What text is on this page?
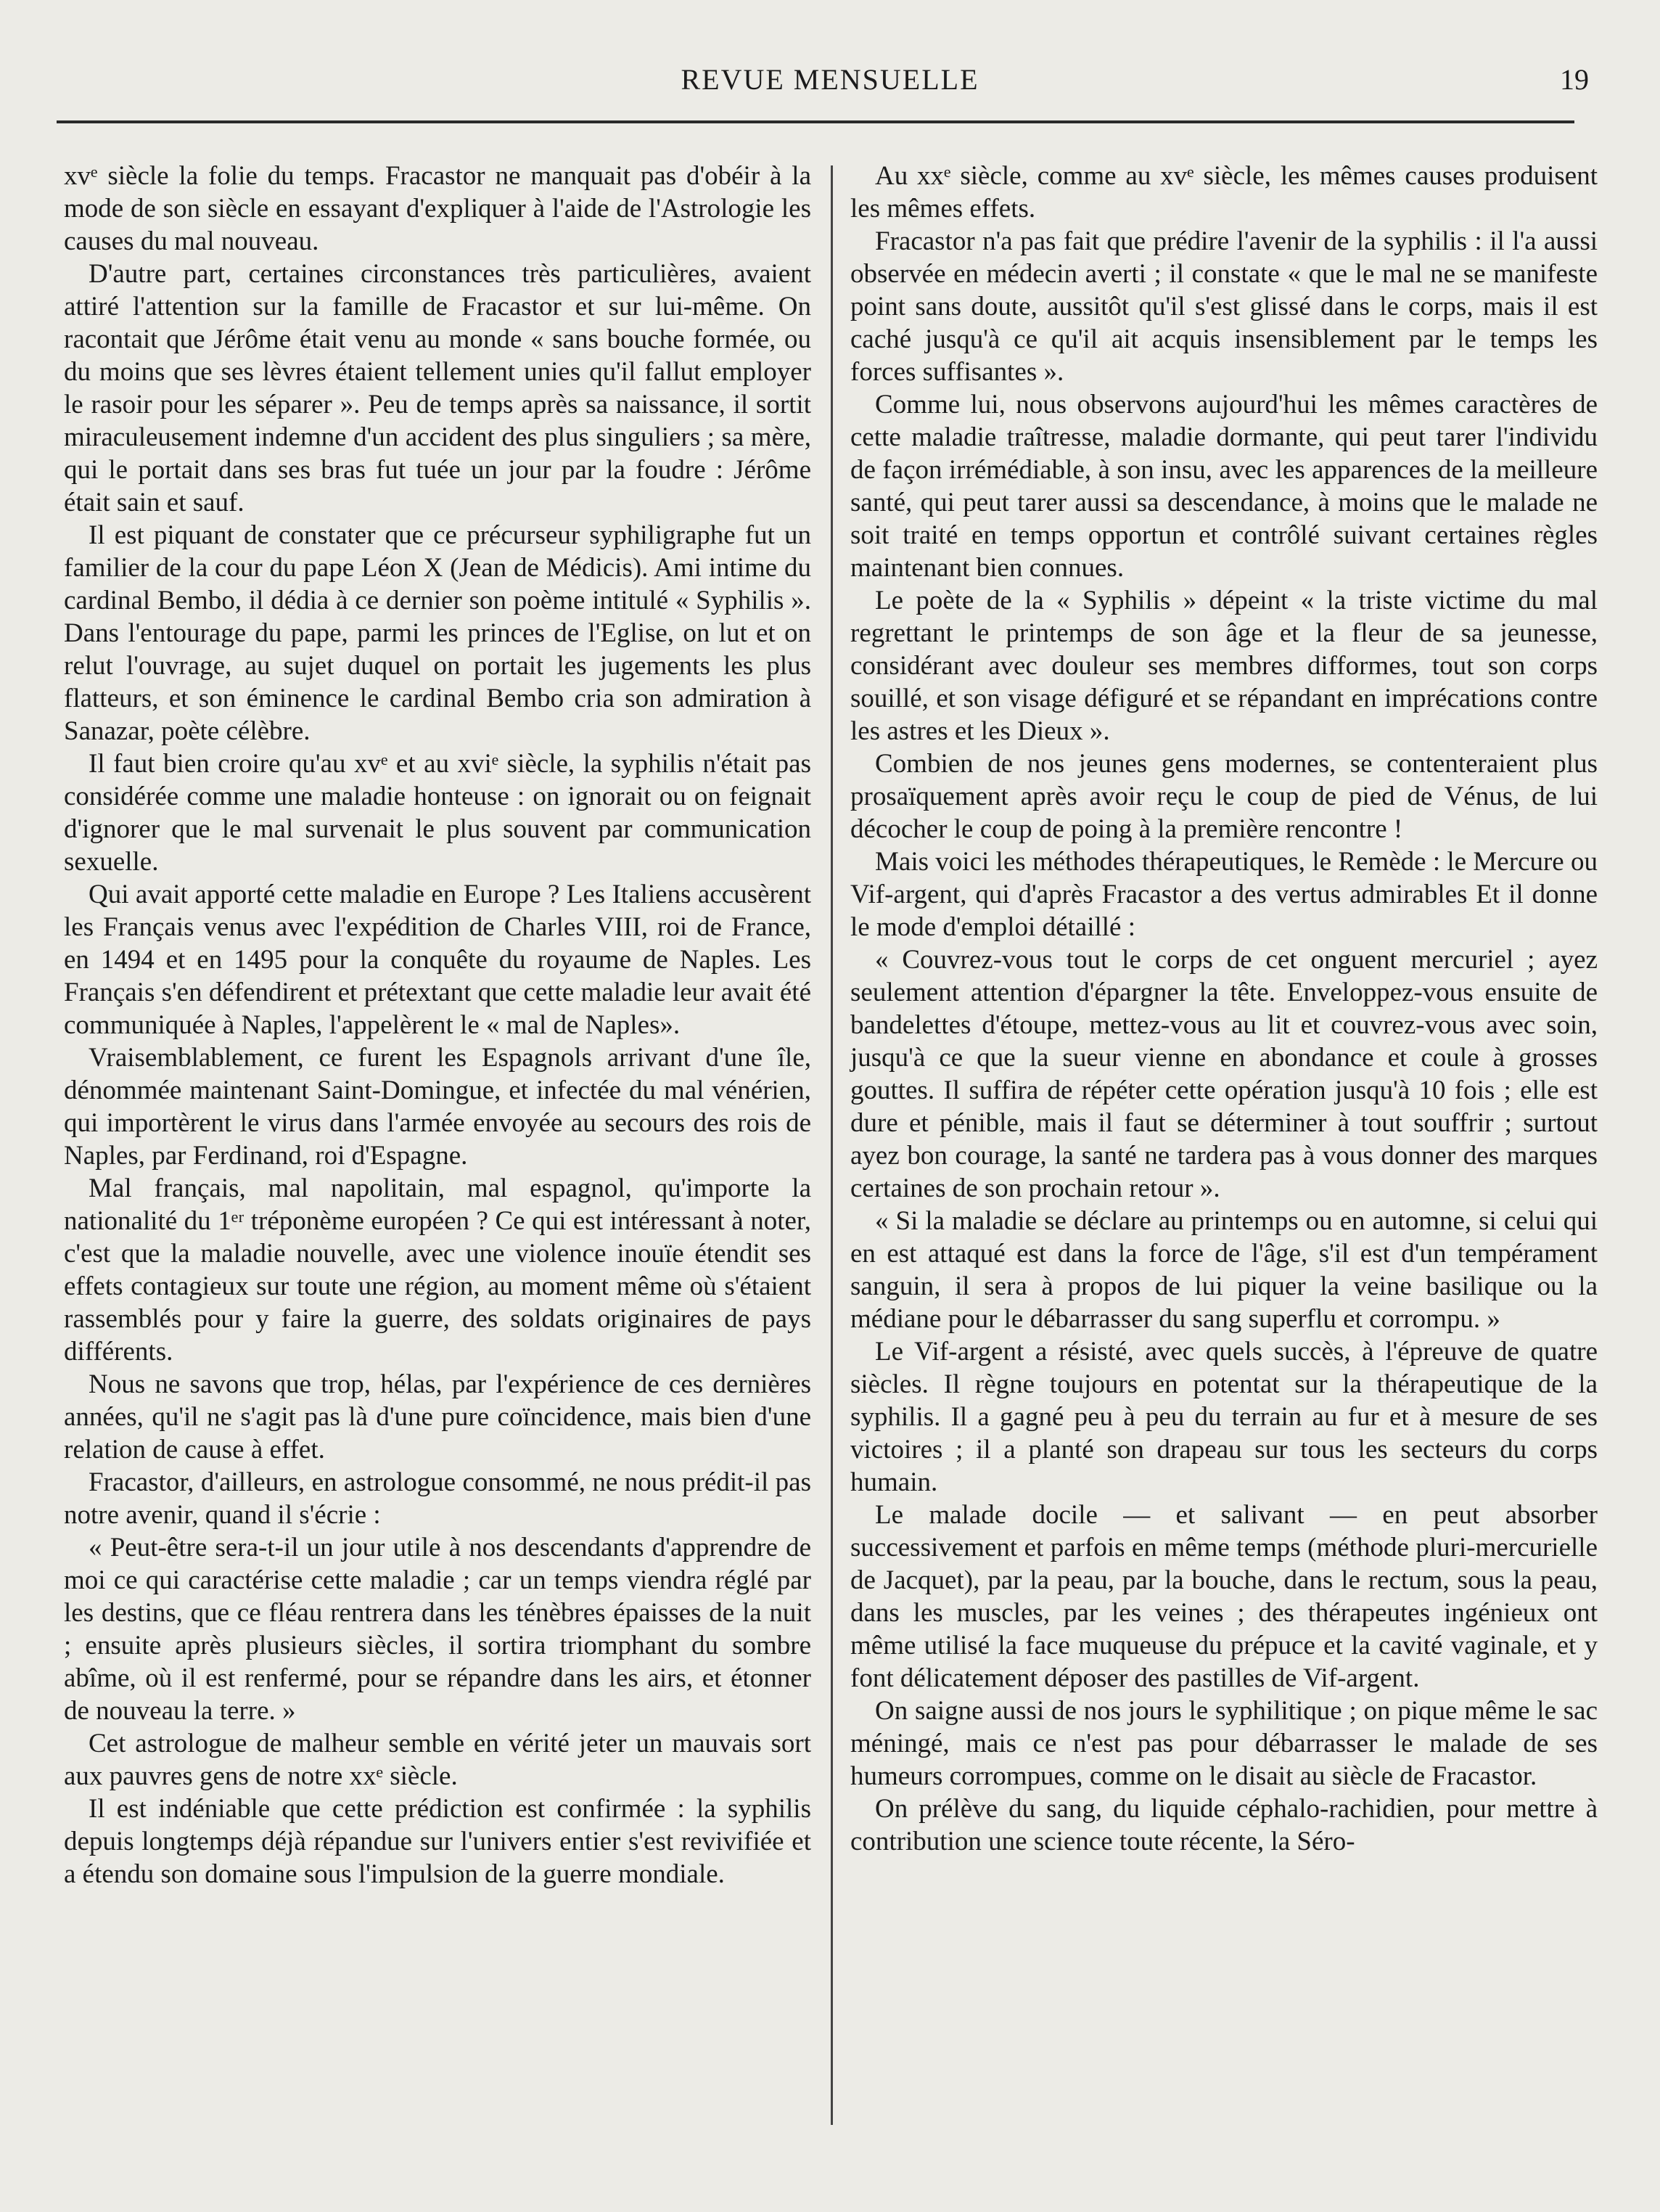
REVUE MENSUELLE	19

xvᵉ siècle la folie du temps. Fracastor ne manquait pas d'obéir à la mode de son siècle en essayant d'expliquer à l'aide de l'Astrologie les causes du mal nouveau.

D'autre part, certaines circonstances très particulières, avaient attiré l'attention sur la famille de Fracastor et sur lui-même. On racontait que Jérôme était venu au monde « sans bouche formée, ou du moins que ses lèvres étaient tellement unies qu'il fallut employer le rasoir pour les séparer ». Peu de temps après sa naissance, il sortit miraculeusement indemne d'un accident des plus singuliers ; sa mère, qui le portait dans ses bras fut tuée un jour par la foudre : Jérôme était sain et sauf.

Il est piquant de constater que ce précurseur syphiligraphe fut un familier de la cour du pape Léon X (Jean de Médicis). Ami intime du cardinal Bembo, il dédia à ce dernier son poème intitulé « Syphilis ». Dans l'entourage du pape, parmi les princes de l'Eglise, on lut et on relut l'ouvrage, au sujet duquel on portait les jugements les plus flatteurs, et son éminence le cardinal Bembo cria son admiration à Sanazar, poète célèbre.

Il faut bien croire qu'au xvᵉ et au xviᵉ siècle, la syphilis n'était pas considérée comme une maladie honteuse : on ignorait ou on feignait d'ignorer que le mal survenait le plus souvent par communication sexuelle.

Qui avait apporté cette maladie en Europe ? Les Italiens accusèrent les Français venus avec l'expédition de Charles VIII, roi de France, en 1494 et en 1495 pour la conquête du royaume de Naples. Les Français s'en défendirent et prétextant que cette maladie leur avait été communiquée à Naples, l'appelèrent le « mal de Naples».

Vraisemblablement, ce furent les Espagnols arrivant d'une île, dénommée maintenant Saint-Domingue, et infectée du mal vénérien, qui importèrent le virus dans l'armée envoyée au secours des rois de Naples, par Ferdinand, roi d'Espagne.

Mal français, mal napolitain, mal espagnol, qu'importe la nationalité du 1ᵉʳ tréponème européen ? Ce qui est intéressant à noter, c'est que la maladie nouvelle, avec une violence inouïe étendit ses effets contagieux sur toute une région, au moment même où s'étaient rassemblés pour y faire la guerre, des soldats originaires de pays différents.

Nous ne savons que trop, hélas, par l'expérience de ces dernières années, qu'il ne s'agit pas là d'une pure coïncidence, mais bien d'une relation de cause à effet.

Fracastor, d'ailleurs, en astrologue consommé, ne nous prédit-il pas notre avenir, quand il s'écrie :

« Peut-être sera-t-il un jour utile à nos descendants d'apprendre de moi ce qui caractérise cette maladie ; car un temps viendra réglé par les destins, que ce fléau rentrera dans les ténèbres épaisses de la nuit ; ensuite après plusieurs siècles, il sortira triomphant du sombre abîme, où il est renfermé, pour se répandre dans les airs, et étonner de nouveau la terre. »

Cet astrologue de malheur semble en vérité jeter un mauvais sort aux pauvres gens de notre xxᵉ siècle.

Il est indéniable que cette prédiction est confirmée : la syphilis depuis longtemps déjà répandue sur l'univers entier s'est revivifiée et a étendu son domaine sous l'impulsion de la guerre mondiale.

Au xxᵉ siècle, comme au xvᵉ siècle, les mêmes causes produisent les mêmes effets.

Fracastor n'a pas fait que prédire l'avenir de la syphilis : il l'a aussi observée en médecin averti ; il constate « que le mal ne se manifeste point sans doute, aussitôt qu'il s'est glissé dans le corps, mais il est caché jusqu'à ce qu'il ait acquis insensiblement par le temps les forces suffisantes ».

Comme lui, nous observons aujourd'hui les mêmes caractères de cette maladie traîtresse, maladie dormante, qui peut tarer l'individu de façon irrémédiable, à son insu, avec les apparences de la meilleure santé, qui peut tarer aussi sa descendance, à moins que le malade ne soit traité en temps opportun et contrôlé suivant certaines règles maintenant bien connues.

Le poète de la « Syphilis » dépeint « la triste victime du mal regrettant le printemps de son âge et la fleur de sa jeunesse, considérant avec douleur ses membres difformes, tout son corps souillé, et son visage défiguré et se répandant en imprécations contre les astres et les Dieux ».

Combien de nos jeunes gens modernes, se contenteraient plus prosaïquement après avoir reçu le coup de pied de Vénus, de lui décocher le coup de poing à la première rencontre !

Mais voici les méthodes thérapeutiques, le Remède : le Mercure ou Vif-argent, qui d'après Fracastor a des vertus admirables Et il donne le mode d'emploi détaillé :

« Couvrez-vous tout le corps de cet onguent mercuriel ; ayez seulement attention d'épargner la tête. Enveloppez-vous ensuite de bandelettes d'étoupe, mettez-vous au lit et couvrez-vous avec soin, jusqu'à ce que la sueur vienne en abondance et coule à grosses gouttes. Il suffira de répéter cette opération jusqu'à 10 fois ; elle est dure et pénible, mais il faut se déterminer à tout souffrir ; surtout ayez bon courage, la santé ne tardera pas à vous donner des marques certaines de son prochain retour ».

« Si la maladie se déclare au printemps ou en automne, si celui qui en est attaqué est dans la force de l'âge, s'il est d'un tempérament sanguin, il sera à propos de lui piquer la veine basilique ou la médiane pour le débarrasser du sang superflu et corrompu. »

Le Vif-argent a résisté, avec quels succès, à l'épreuve de quatre siècles. Il règne toujours en potentat sur la thérapeutique de la syphilis. Il a gagné peu à peu du terrain au fur et à mesure de ses victoires ; il a planté son drapeau sur tous les secteurs du corps humain.

Le malade docile — et salivant — en peut absorber successivement et parfois en même temps (méthode pluri-mercurielle de Jacquet), par la peau, par la bouche, dans le rectum, sous la peau, dans les muscles, par les veines ; des thérapeutes ingénieux ont même utilisé la face muqueuse du prépuce et la cavité vaginale, et y font délicatement déposer des pastilles de Vif-argent.

On saigne aussi de nos jours le syphilitique ; on pique même le sac méningé, mais ce n'est pas pour débarrasser le malade de ses humeurs corrompues, comme on le disait au siècle de Fracastor.

On prélève du sang, du liquide céphalo-rachidien, pour mettre à contribution une science toute récente, la Séro-
